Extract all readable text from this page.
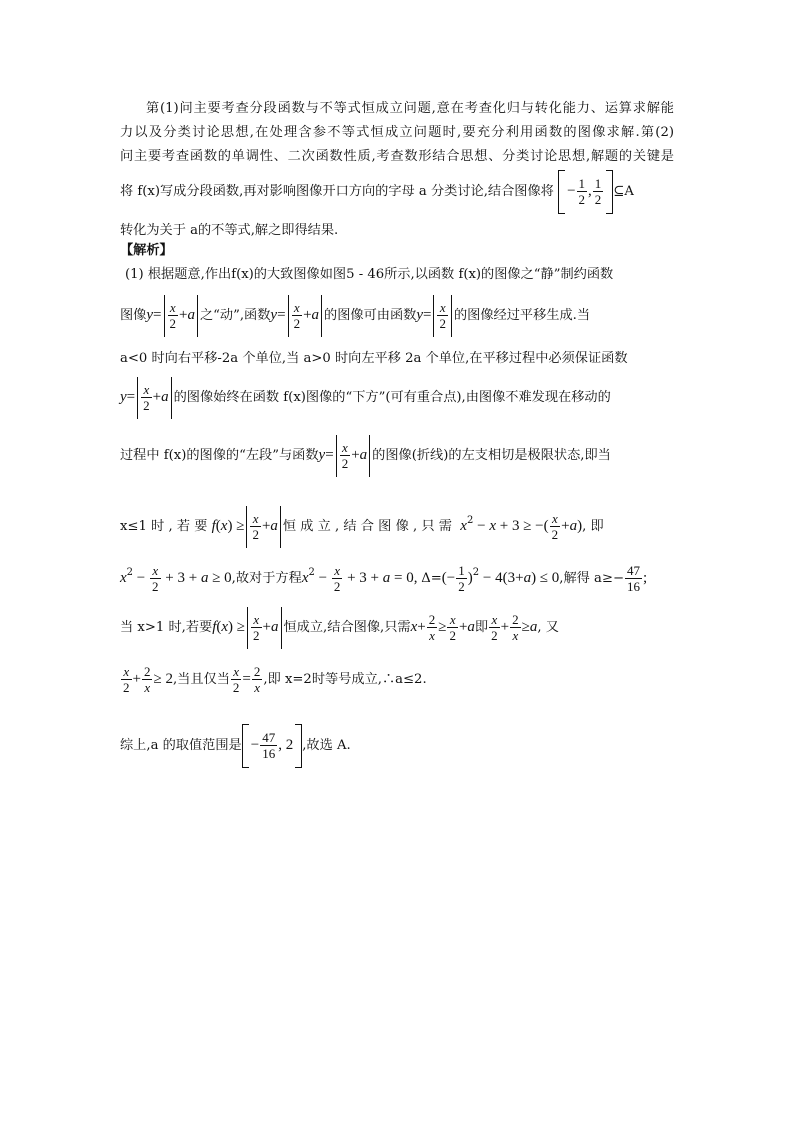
第(1)问主要考查分段函数与不等式恒成立问题,意在考查化归与转化能力、运算求解能
力以及分类讨论思想,在处理含参不等式恒成立问题时,要充分利用函数的图像求解.第(2)
问主要考查函数的单调性、二次函数性质,考查数形结合思想、分类讨论思想,解题的关键是
将 f(x)写成分段函数,再对影响图像开口方向的字母 a 分类讨论,结合图像将 − $\frac{1}{2}$ , $\frac{1}{2}$ ⊆A
转化为关于 a的不等式,解之即得结果.
【解析】
(1) 根据题意,作出f(x)的大致图像如图5 - 46所示,以函数 f(x)的图像之“静”制约函数
图像$y= \frac{x}{2} +a$ 之“动”,函数$y= \frac{x}{2} +a$ 的图像可由函数$y= \frac{x}{2}$ 的图像经过平移生成.当
a<0 时向右平移-2a 个单位,当 a>0 时向左平移 2a 个单位,在平移过程中必须保证函数
$y= \frac{x}{2} +a$ 的图像始终在函数 f(x)图像的“下方”(可有重合点),由图像不难发现在移动的
过程中 f(x)的图像的“左段”与函数$y= \frac{x}{2} +a$ 的图像(折线)的左支相切是极限状态,即当
x≤1 时 , 若 要 $f(x) \ge \frac{x}{2} +a$ 恒 成 立 , 结 合 图 像 , 只 需 $x^2 - x + 3$ ≥ −( $\frac{x}{2} +a$), 即
$x^2 - \frac{x}{2} + 3 + a \ge 0$,故对于方程$x^2 - \frac{x}{2} + 3 + a = 0$, $\Delta=(- \frac{1}{2} )^2 - 4(3+a) \le 0$,解得 $a\ge- \frac{47}{16}$ ;
当 x>1 时,若要$f(x) \ge \frac{x}{2} +a$ 恒成立,结合图像,只需$x+ \frac{2}{x} \ge \frac{x}{2} +a$即 $\frac{x}{2} + \frac{2}{x} \ge a$, 又
$\frac{x}{2} + \frac{2}{x} \ge 2$,当且仅当 $\frac{x}{2} = \frac{2}{x}$ ,即 x=2时等号成立,∴a≤2.
综上,a 的取值范围是 − $\frac{47}{16}$ , 2 ,故选 A.
